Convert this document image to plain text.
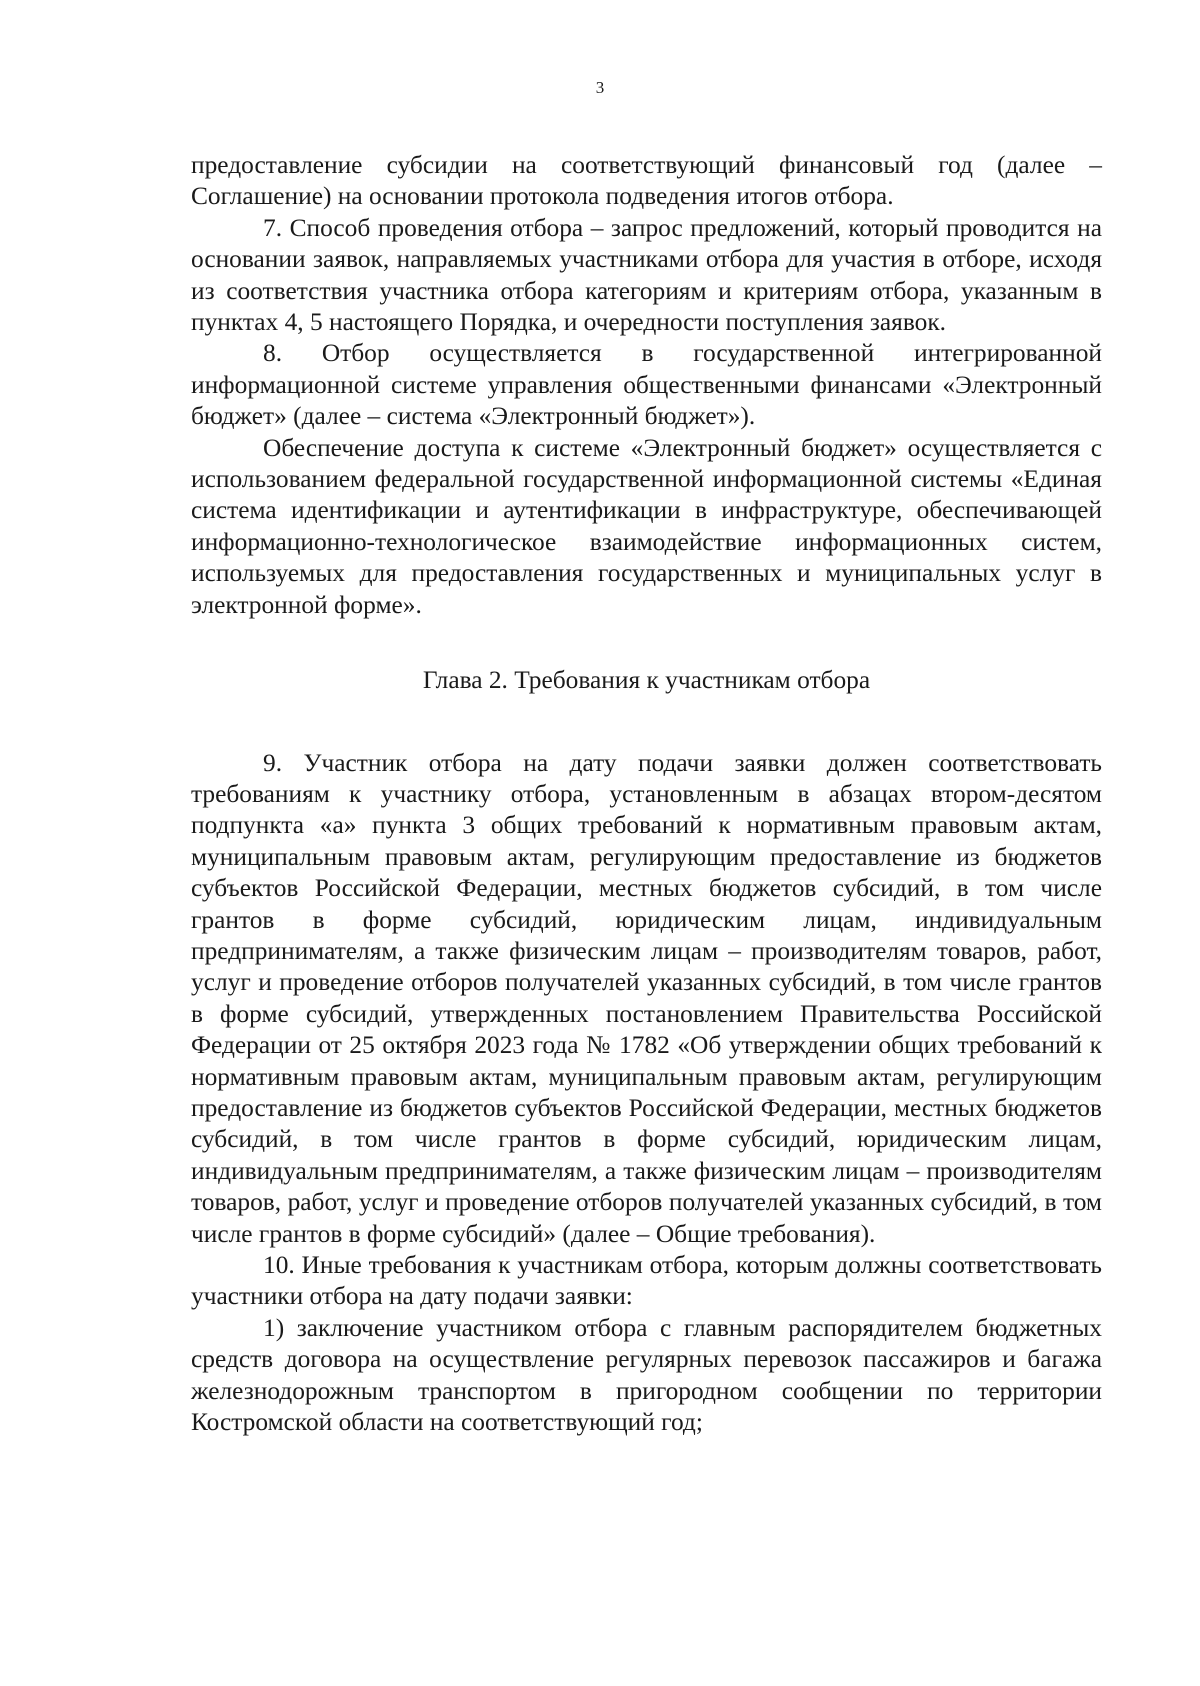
3

предоставление субсидии на соответствующий финансовый год (далее – Соглашение) на основании протокола подведения итогов отбора.

7. Способ проведения отбора – запрос предложений, который проводится на основании заявок, направляемых участниками отбора для участия в отборе, исходя из соответствия участника отбора категориям и критериям отбора, указанным в пунктах 4, 5 настоящего Порядка, и очередности поступления заявок.

8. Отбор осуществляется в государственной интегрированной информационной системе управления общественными финансами «Электронный бюджет» (далее – система «Электронный бюджет»).

Обеспечение доступа к системе «Электронный бюджет» осуществляется с использованием федеральной государственной информационной системы «Единая система идентификации и аутентификации в инфраструктуре, обеспечивающей информационно-технологическое взаимодействие информационных систем, используемых для предоставления государственных и муниципальных услуг в электронной форме».

Глава 2. Требования к участникам отбора

9. Участник отбора на дату подачи заявки должен соответствовать требованиям к участнику отбора, установленным в абзацах втором-десятом подпункта «а» пункта 3 общих требований к нормативным правовым актам, муниципальным правовым актам, регулирующим предоставление из бюджетов субъектов Российской Федерации, местных бюджетов субсидий, в том числе грантов в форме субсидий, юридическим лицам, индивидуальным предпринимателям, а также физическим лицам – производителям товаров, работ, услуг и проведение отборов получателей указанных субсидий, в том числе грантов в форме субсидий, утвержденных постановлением Правительства Российской Федерации от 25 октября 2023 года № 1782 «Об утверждении общих требований к нормативным правовым актам, муниципальным правовым актам, регулирующим предоставление из бюджетов субъектов Российской Федерации, местных бюджетов субсидий, в том числе грантов в форме субсидий, юридическим лицам, индивидуальным предпринимателям, а также физическим лицам – производителям товаров, работ, услуг и проведение отборов получателей указанных субсидий, в том числе грантов в форме субсидий» (далее – Общие требования).

10. Иные требования к участникам отбора, которым должны соответствовать участники отбора на дату подачи заявки:

1) заключение участником отбора с главным распорядителем бюджетных средств договора на осуществление регулярных перевозок пассажиров и багажа железнодорожным транспортом в пригородном сообщении по территории Костромской области на соответствующий год;
